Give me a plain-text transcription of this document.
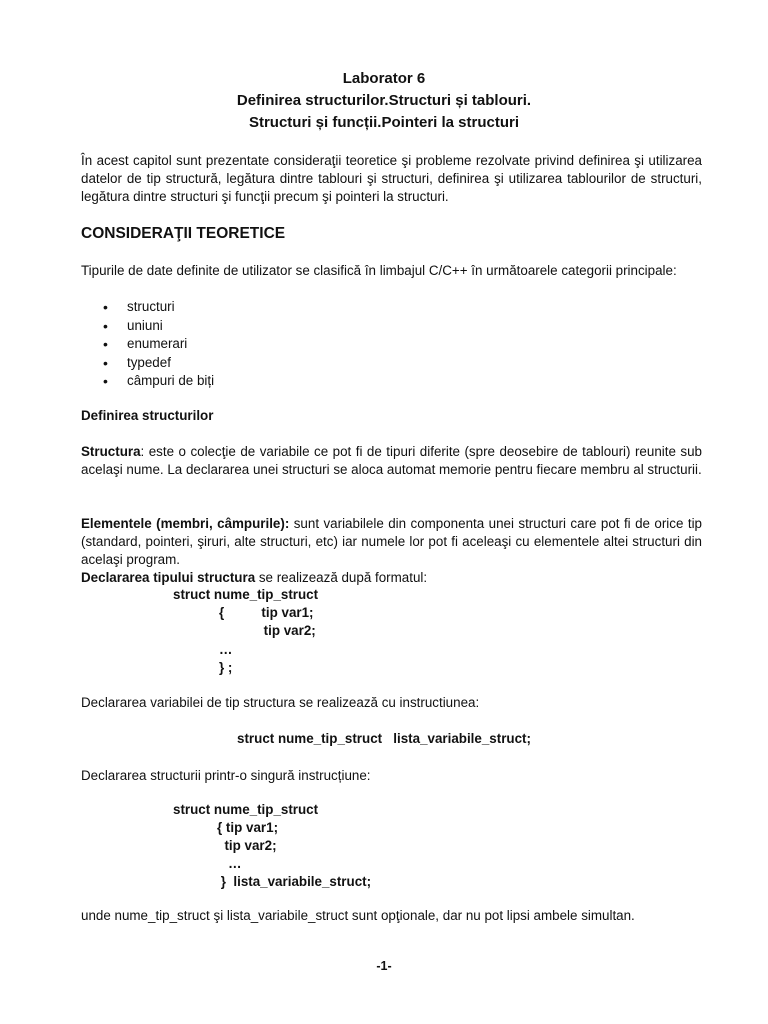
Laborator 6
Definirea structurilor.Structuri și tablouri.
Structuri și funcții.Pointeri la structuri

În acest capitol sunt prezentate consideraţii teoretice şi probleme rezolvate privind definirea şi utilizarea datelor de tip structură, legătura dintre tablouri şi structuri, definirea şi utilizarea tablourilor de structuri, legătura dintre structuri şi funcţii precum şi pointeri la structuri.

CONSIDERAŢII TEORETICE

Tipurile de date definite de utilizator se clasifică în limbajul C/C++ în următoarele categorii principale:

• structuri
• uniuni
• enumerari
• typedef
• câmpuri de biți
Definirea structurilor

Structura: este o colecţie de variabile ce pot fi de tipuri diferite (spre deosebire de tablouri) reunite sub acelaşi nume. La declararea unei structuri se aloca automat memorie pentru fiecare membru al structurii.

Elementele (membri, câmpurile): sunt variabilele din componenta unei structuri care pot fi de orice tip (standard, pointeri, şiruri, alte structuri, etc) iar numele lor pot fi aceleaşi cu elementele altei structuri din acelaşi program.

Declararea tipului structura se realizează după formatul:

struct nume_tip_struct
{          tip var1;
tip var2;
…
} ;

Declararea variabilei de tip structura se realizează cu instructiunea:

struct nume_tip_struct   lista_variabile_struct;

Declararea structurii printr-o singură instrucțiune:

struct nume_tip_struct
{ tip var1;
tip var2;
…
}  lista_variabile_struct;

unde nume_tip_struct şi lista_variabile_struct sunt opţionale, dar nu pot lipsi ambele simultan.

-1-
